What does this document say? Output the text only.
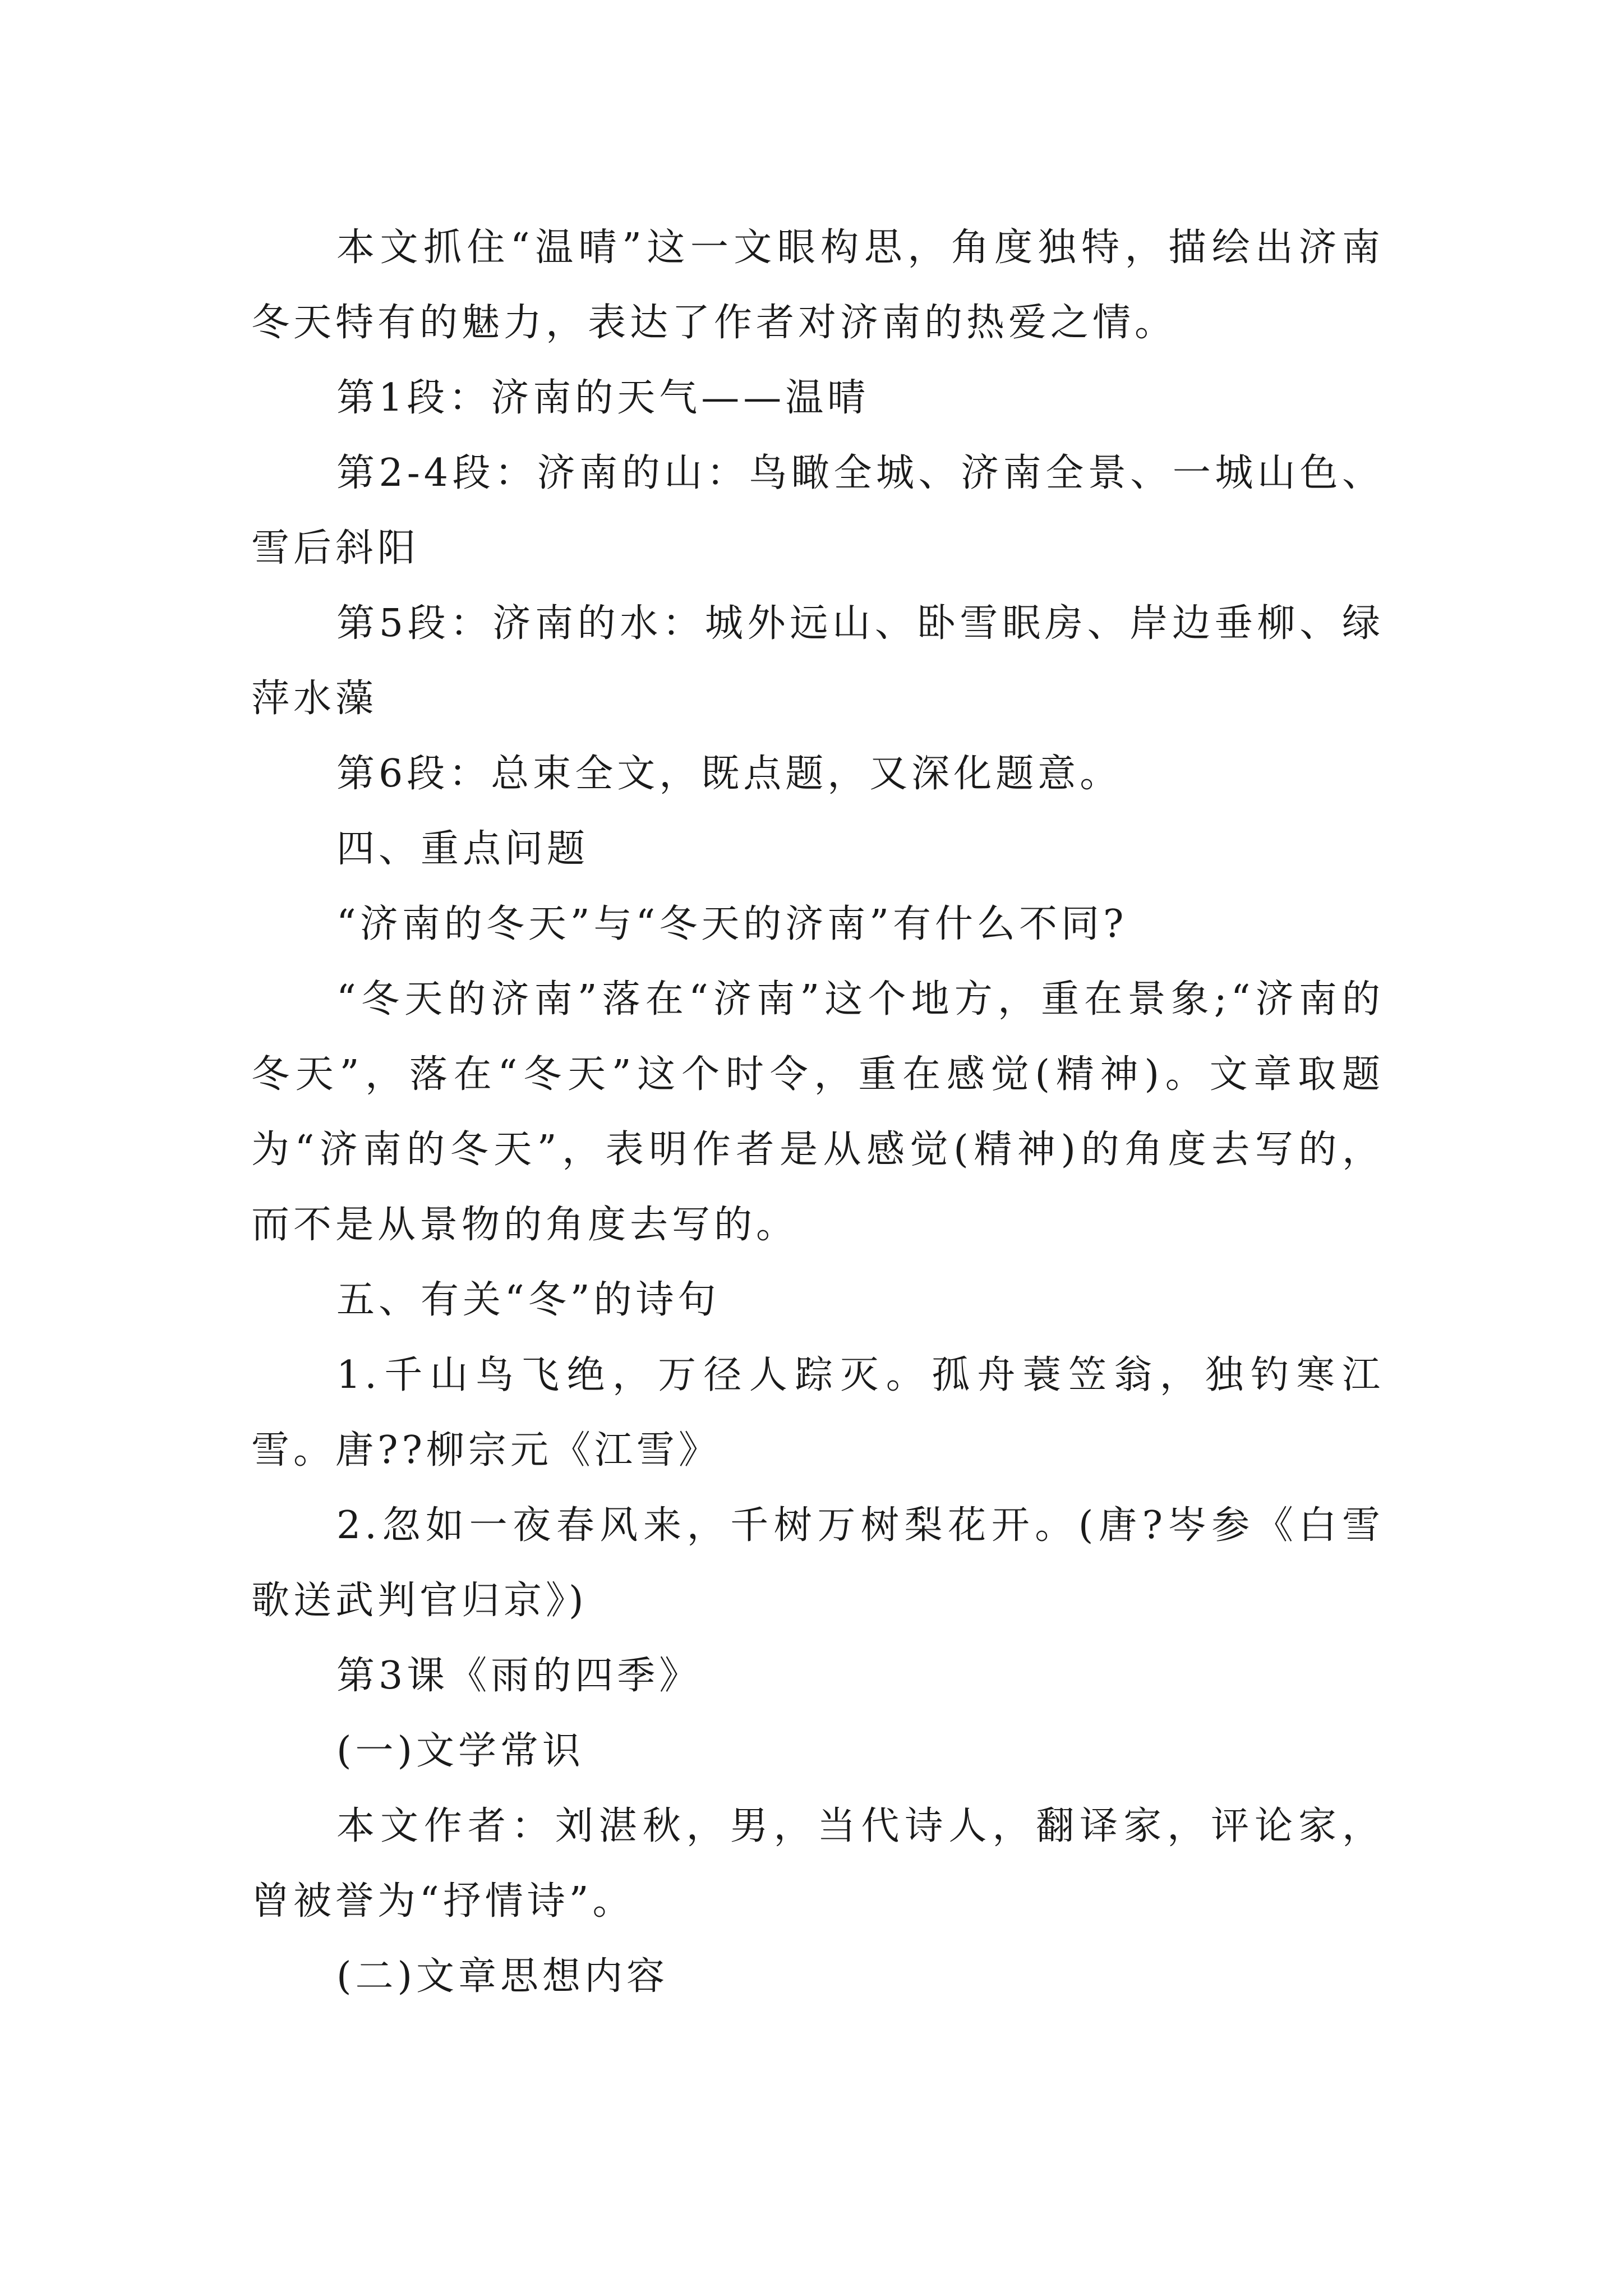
本文抓住“温晴”这一文眼构思，角度独特，描绘出济南冬天特有的魅力，表达了作者对济南的热爱之情。

第1段：济南的天气——温晴

第2-4段：济南的山：鸟瞰全城、济南全景、一城山色、雪后斜阳

第5段：济南的水：城外远山、卧雪眠房、岸边垂柳、绿萍水藻

第6段：总束全文，既点题，又深化题意。

四、重点问题

“济南的冬天”与“冬天的济南”有什么不同?

“冬天的济南”落在“济南”这个地方，重在景象;“济南的冬天”，落在“冬天”这个时令，重在感觉(精神)。文章取题为“济南的冬天”，表明作者是从感觉(精神)的角度去写的，而不是从景物的角度去写的。

五、有关“冬”的诗句

1.千山鸟飞绝，万径人踪灭。孤舟蓑笠翁，独钓寒江雪。唐??柳宗元《江雪》

2.忽如一夜春风来，千树万树梨花开。(唐?岑参《白雪歌送武判官归京》)

第3课《雨的四季》

(一)文学常识

本文作者：刘湛秋，男，当代诗人，翻译家，评论家，曾被誉为“抒情诗”。

(二)文章思想内容
